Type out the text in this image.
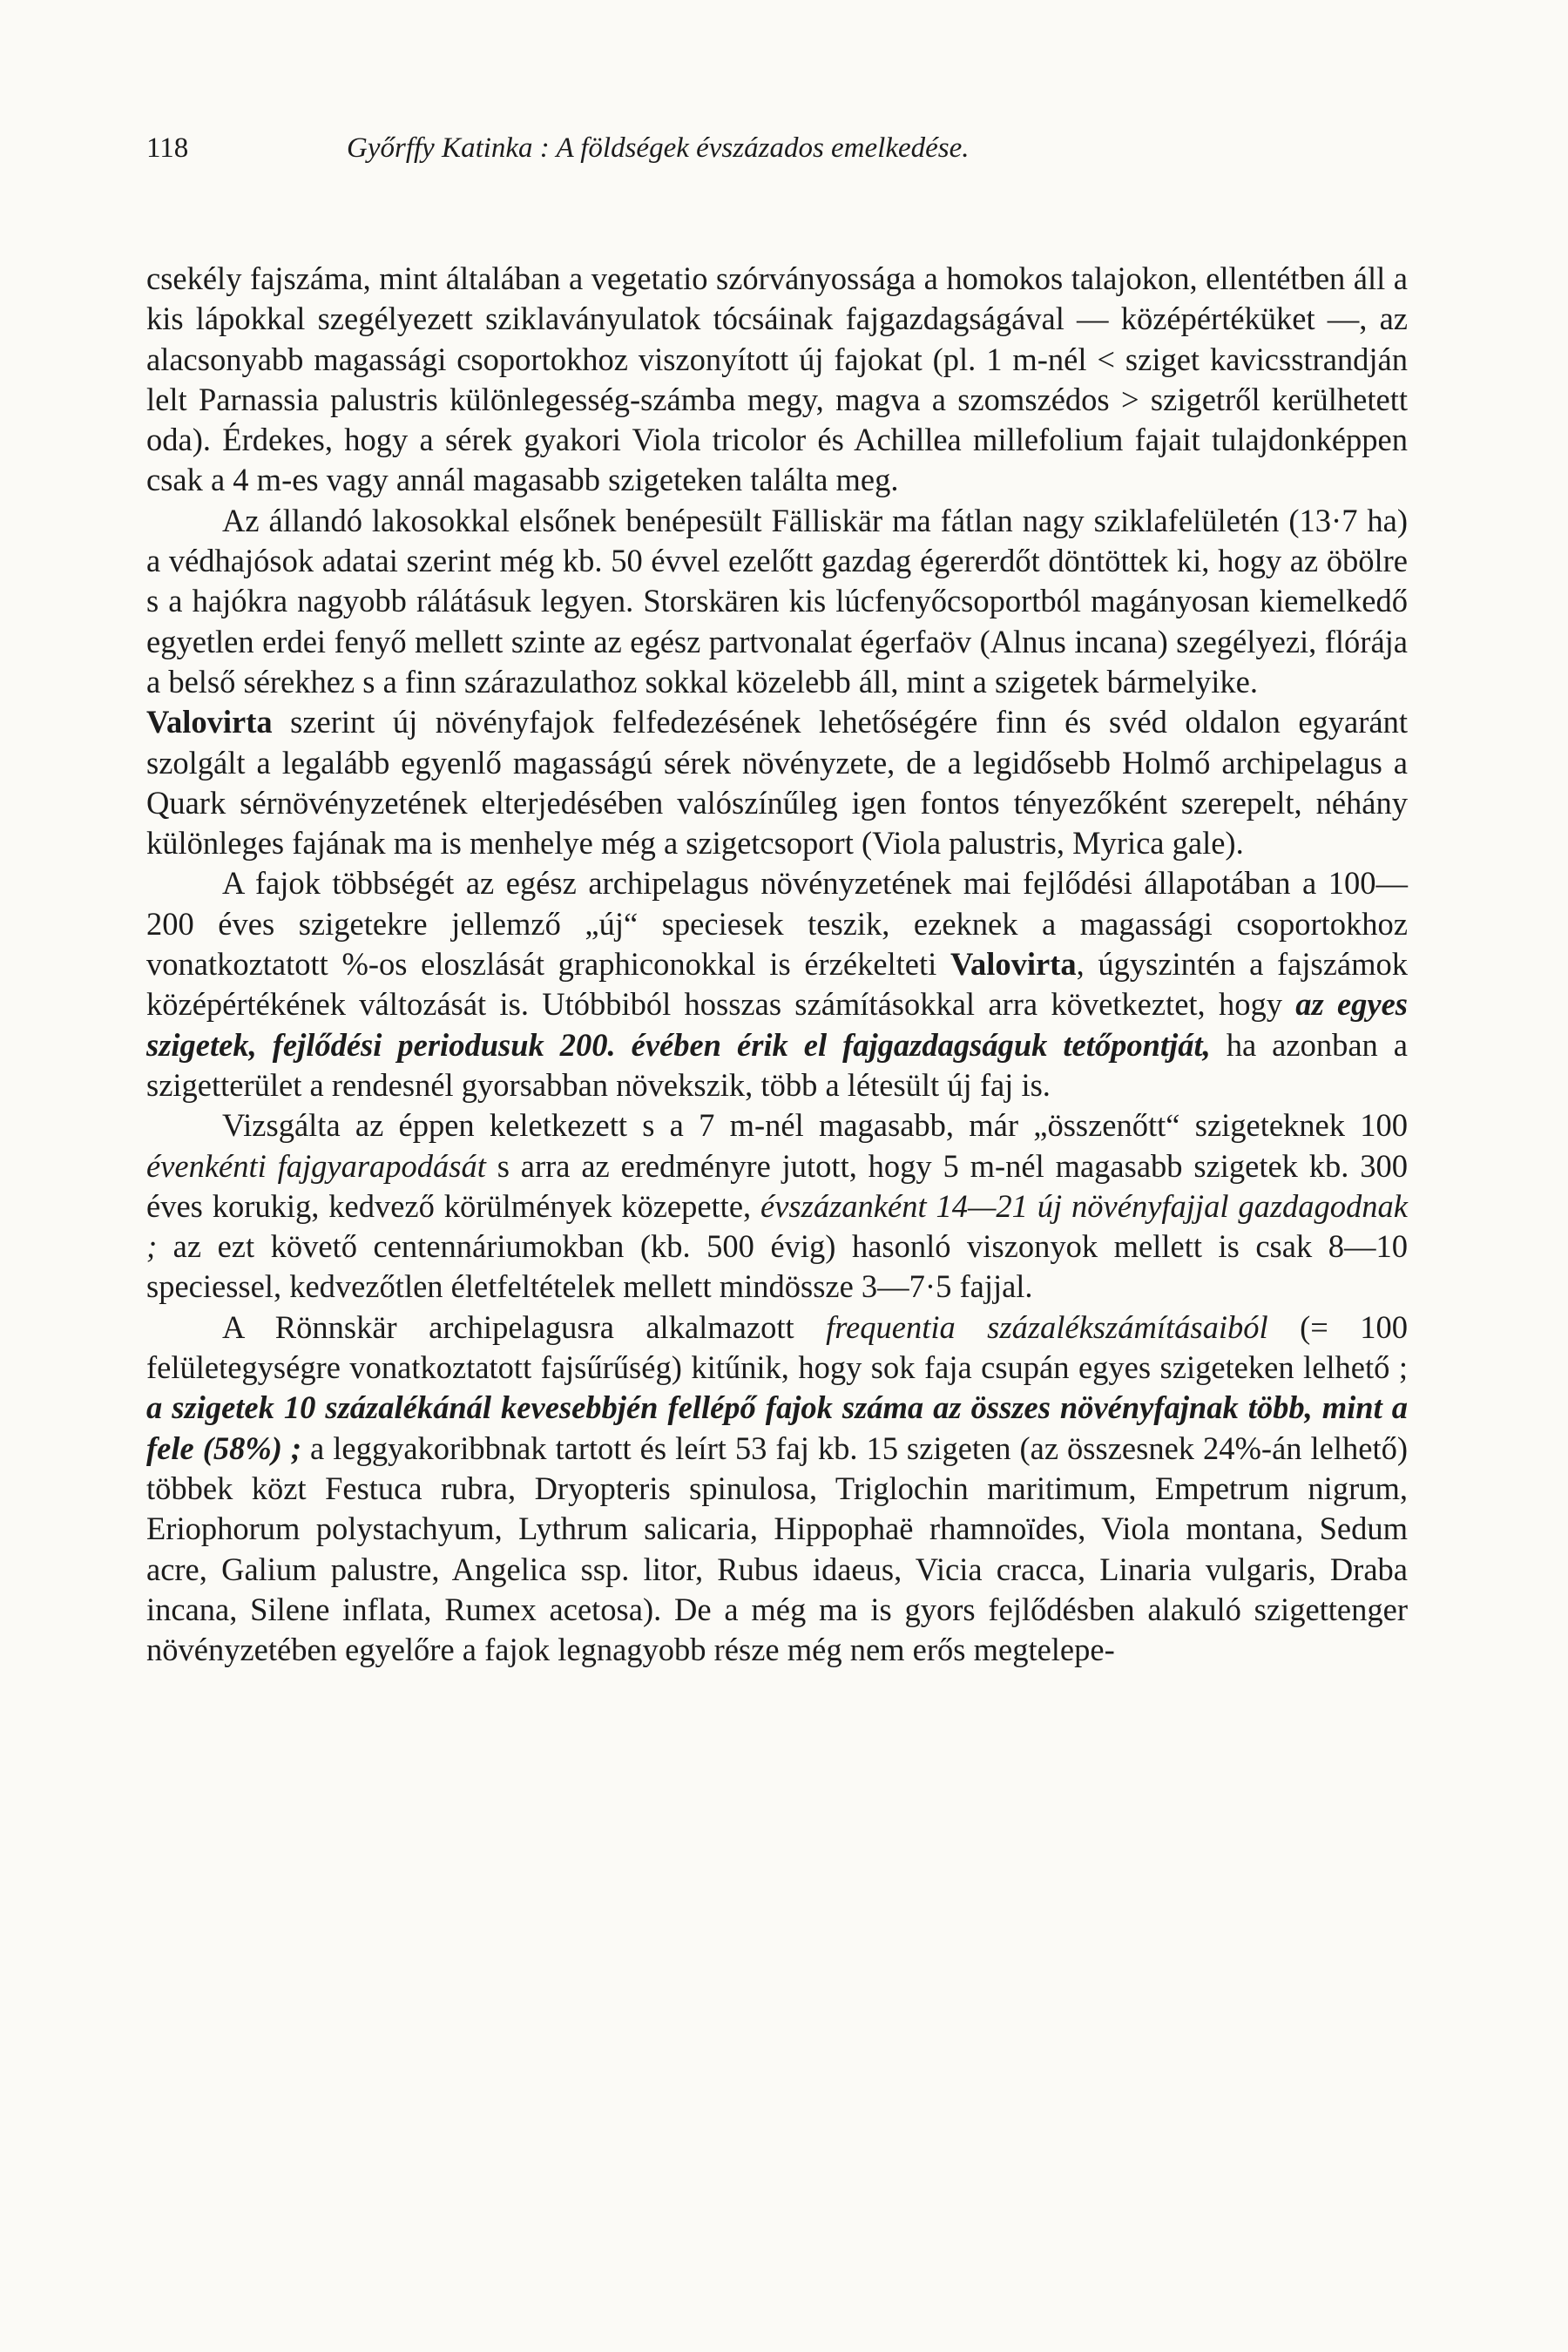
118	Győrffy Katinka : A földségek évszázados emelkedése.

csekély fajszáma, mint általában a vegetatio szórványossága a homokos talajokon, ellentétben áll a kis lápokkal szegélyezett sziklaványulatok tócsáinak fajgazdagságával — középértéküket —, az alacsonyabb magassági csoportokhoz viszonyított új fajokat (pl. 1 m-nél < sziget kavicsstrandján lelt Parnassia palustris különlegesség-számba megy, magva a szomszédos > szigetről kerülhetett oda). Érdekes, hogy a sérek gyakori Viola tricolor és Achillea millefolium fajait tulajdonképpen csak a 4 m-es vagy annál magasabb szigeteken találta meg.

Az állandó lakosokkal elsőnek benépesült Fälliskär ma fátlan nagy sziklafelületén (13·7 ha) a védhajósok adatai szerint még kb. 50 évvel ezelőtt gazdag égererdőt döntöttek ki, hogy az öbölre s a hajókra nagyobb rálátásuk legyen. Storskären kis lúcfenyőcsoportból magányosan kiemelkedő egyetlen erdei fenyő mellett szinte az egész partvonalat égerfaöv (Alnus incana) szegélyezi, flórája a belső sérekhez s a finn szárazulathoz sokkal közelebb áll, mint a szigetek bármelyike.

Valovirta szerint új növényfajok felfedezésének lehetőségére finn és svéd oldalon egyaránt szolgált a legalább egyenlő magasságú sérek növényzete, de a legidősebb Holmő archipelagus a Quark sérnövényzetének elterjedésében valószínűleg igen fontos tényezőként szerepelt, néhány különleges fajának ma is menhelye még a szigetcsoport (Viola palustris, Myrica gale).

A fajok többségét az egész archipelagus növényzetének mai fejlődési állapotában a 100—200 éves szigetekre jellemző „új“ speciesek teszik, ezeknek a magassági csoportokhoz vonatkoztatott %-os eloszlását graphiconokkal is érzékelteti Valovirta, úgyszintén a fajszámok középértékének változását is. Utóbbiból hosszas számításokkal arra következtet, hogy az egyes szigetek, fejlődési periodusuk 200. évében érik el fajgazdagságuk tetőpontját, ha azonban a szigetterület a rendesnél gyorsabban növekszik, több a létesült új faj is.

Vizsgálta az éppen keletkezett s a 7 m-nél magasabb, már „összenőtt“ szigeteknek 100 évenkénti fajgyarapodását s arra az eredményre jutott, hogy 5 m-nél magasabb szigetek kb. 300 éves korukig, kedvező körülmények közepette, évszázanként 14—21 új növényfajjal gazdagodnak ; az ezt követő centennáriumokban (kb. 500 évig) hasonló viszonyok mellett is csak 8—10 speciessel, kedvezőtlen életfeltételek mellett mindössze 3—7·5 fajjal.

A Rönnskär archipelagusra alkalmazott frequentia százalékszámításaiból (= 100 felületegységre vonatkoztatott fajsűrűség) kitűnik, hogy sok faja csupán egyes szigeteken lelhető ; a szigetek 10 százalékánál kevesebbjén fellépő fajok száma az összes növényfajnak több, mint a fele (58%) ; a leggyakoribbnak tartott és leírt 53 faj kb. 15 szigeten (az összesnek 24%-án lelhető) többek közt Festuca rubra, Dryopteris spinulosa, Triglochin maritimum, Empetrum nigrum, Eriophorum polystachyum, Lythrum salicaria, Hippophaë rhamnoïdes, Viola montana, Sedum acre, Galium palustre, Angelica ssp. litor, Rubus idaeus, Vicia cracca, Linaria vulgaris, Draba incana, Silene inflata, Rumex acetosa). De a még ma is gyors fejlődésben alakuló szigettenger növényzetében egyelőre a fajok legnagyobb része még nem erős megtelepe-
